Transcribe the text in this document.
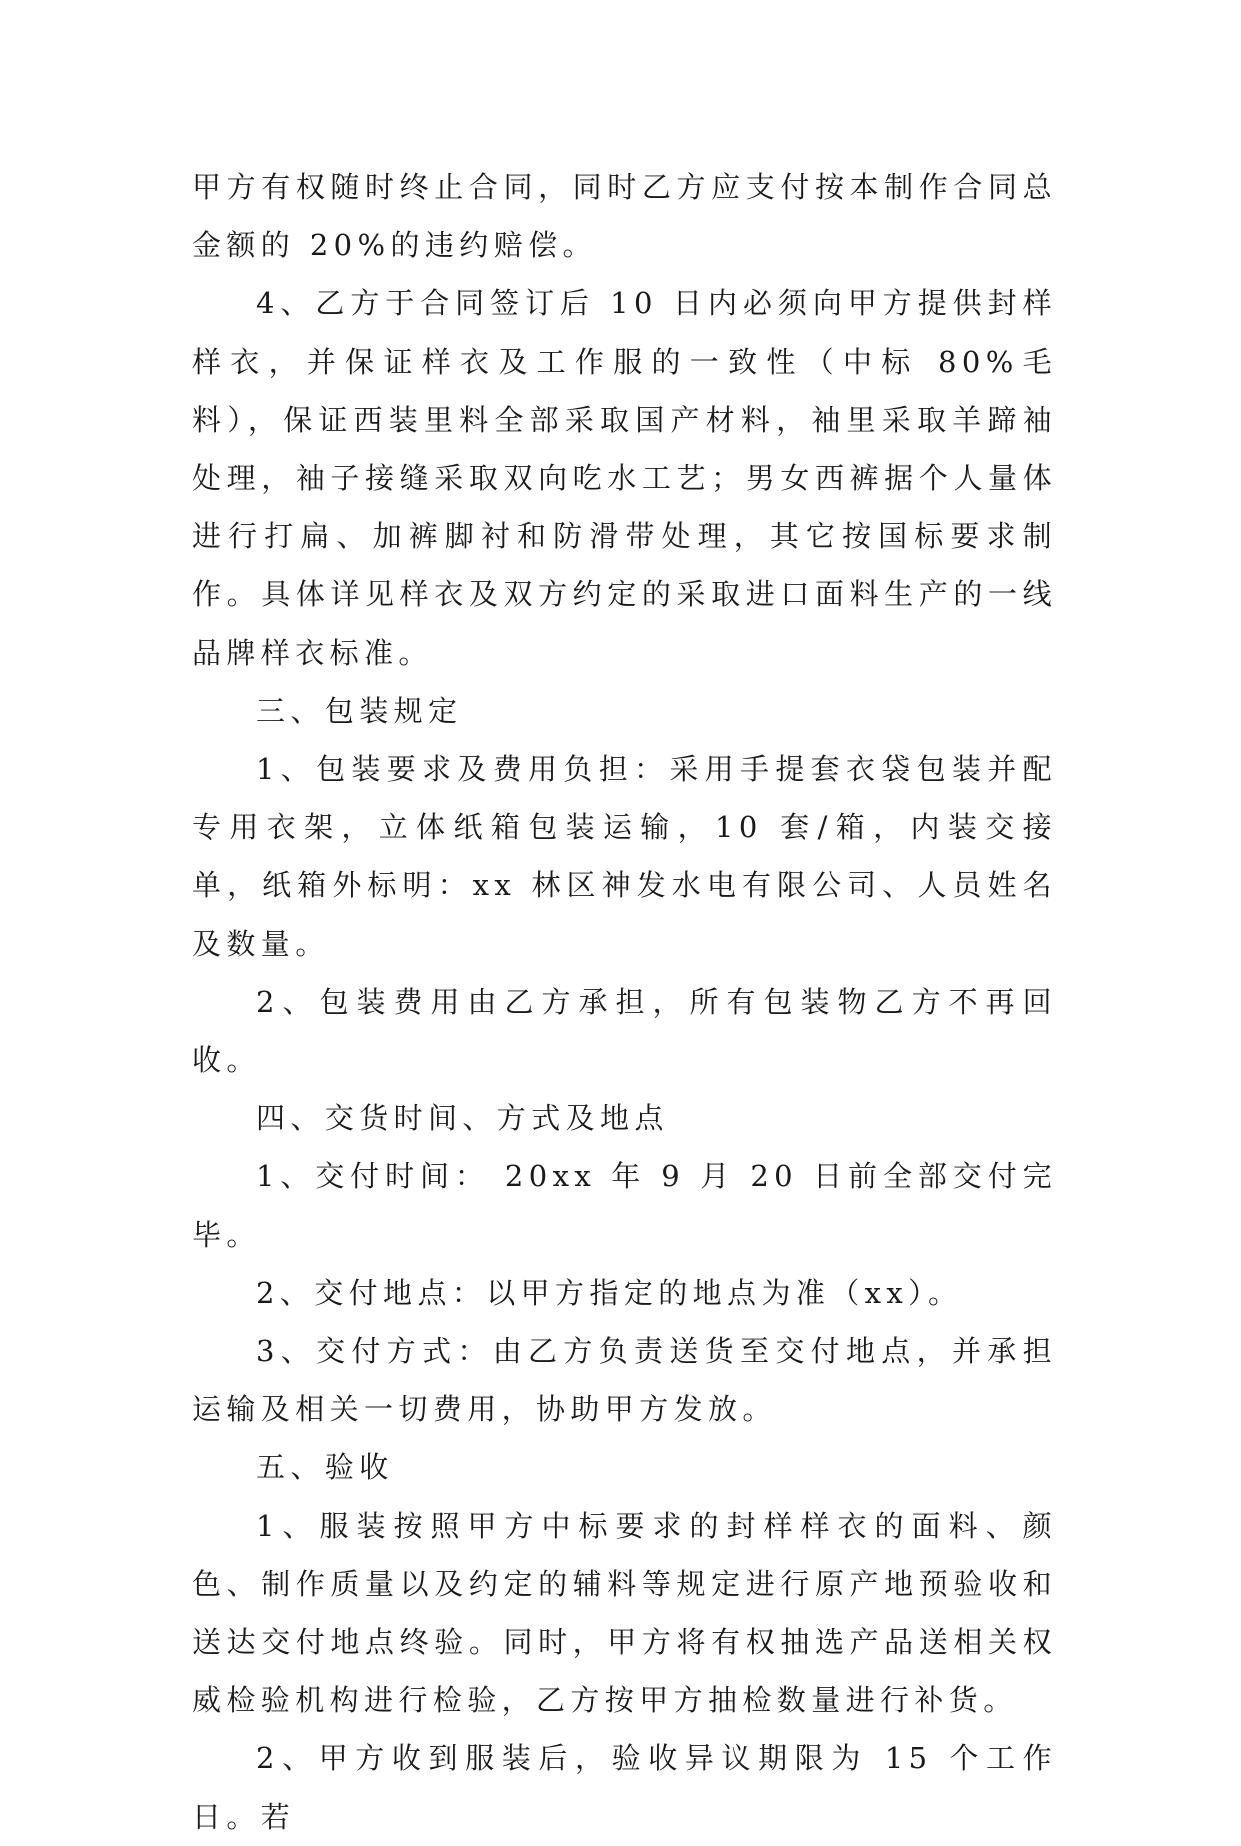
甲方有权随时终止合同，同时乙方应支付按本制作合同总金额的 20%的违约赔偿。

4、乙方于合同签订后 10 日内必须向甲方提供封样样衣，并保证样衣及工作服的一致性（中标 80%毛料），保证西装里料全部采取国产材料，袖里采取羊蹄袖处理，袖子接缝采取双向吃水工艺；男女西裤据个人量体进行打扁、加裤脚衬和防滑带处理，其它按国标要求制作。具体详见样衣及双方约定的采取进口面料生产的一线品牌样衣标准。

三、包装规定

1、包装要求及费用负担：采用手提套衣袋包装并配专用衣架，立体纸箱包装运输，10 套/箱，内装交接单，纸箱外标明：xx 林区神发水电有限公司、人员姓名及数量。

2、包装费用由乙方承担，所有包装物乙方不再回收。

四、交货时间、方式及地点

1、交付时间： 20xx 年 9 月 20 日前全部交付完毕。

2、交付地点：以甲方指定的地点为准（xx）。

3、交付方式：由乙方负责送货至交付地点，并承担运输及相关一切费用，协助甲方发放。

五、验收

1、服装按照甲方中标要求的封样样衣的面料、颜色、制作质量以及约定的辅料等规定进行原产地预验收和送达交付地点终验。同时，甲方将有权抽选产品送相关权威检验机构进行检验，乙方按甲方抽检数量进行补货。

2、甲方收到服装后，验收异议期限为 15 个工作日。若
